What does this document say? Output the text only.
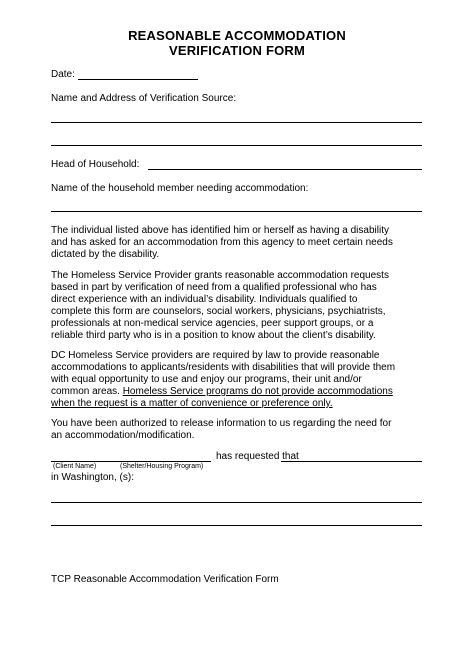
REASONABLE ACCOMMODATION
VERIFICATION FORM
Date:
Name and Address of Verification Source:
Head of Household:
Name of the household member needing accommodation:
The individual listed above has identified him or herself as having a disability
and has asked for an accommodation from this agency to meet certain needs
dictated by the disability.
The Homeless Service Provider grants reasonable accommodation requests
based in part by verification of need from a qualified professional who has
direct experience with an individual’s disability. Individuals qualified to
complete this form are counselors, social workers, physicians, psychiatrists,
professionals at non-medical service agencies, peer support groups, or a
reliable third party who is in a position to know about the client’s disability.
DC Homeless Service providers are required by law to provide reasonable
accommodations to applicants/residents with disabilities that will provide them
with equal opportunity to use and enjoy our programs, their unit and/or
common areas. Homeless Service programs do not provide accommodations
when the request is a matter of convenience or preference only.
You have been authorized to release information to us regarding the need for
an accommodation/modification.
has requested that
(Client Name)	(Shelter/Housing Program)
in Washington, (s):
TCP Reasonable Accommodation Verification Form
